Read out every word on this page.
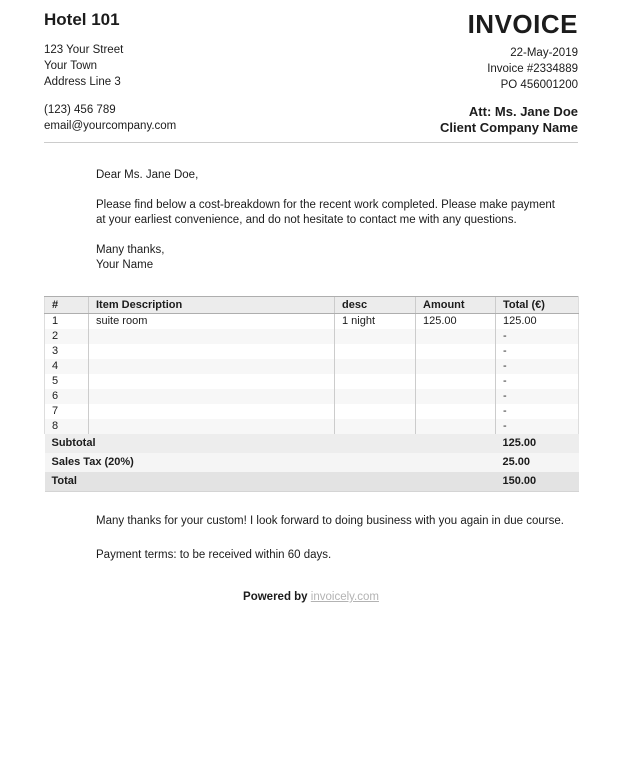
Hotel 101
123 Your Street
Your Town
Address Line 3
(123) 456 789
email@yourcompany.com
INVOICE
22-May-2019
Invoice #2334889
PO 456001200
Att: Ms. Jane Doe
Client Company Name
Dear Ms. Jane Doe,
Please find below a cost-breakdown for the recent work completed. Please make payment
at your earliest convenience, and do not hesitate to contact me with any questions.
Many thanks,
Your Name
#	Item Description	desc	Amount	Total (€)
1	suite room	1 night	125.00	125.00
2				-
3				-
4				-
5				-
6				-
7				-
8				-
Subtotal				125.00
Sales Tax (20%)				25.00
Total				150.00
Many thanks for your custom! I look forward to doing business with you again in due course.
Payment terms: to be received within 60 days.
Powered by invoicely.com
